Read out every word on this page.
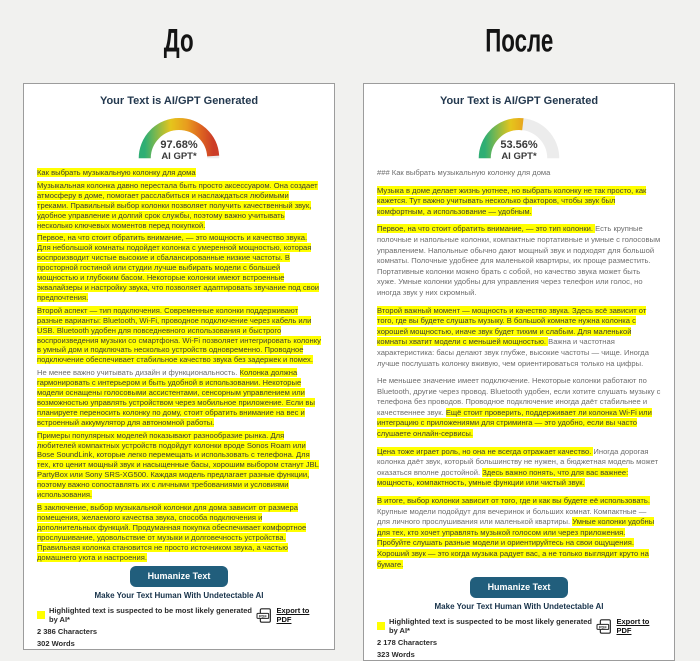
До	После
Your Text is AI/GPT Generated
97.68%
AI GPT*

Как выбрать музыкальную колонку для дома

Музыкальная колонка давно перестала быть просто аксессуаром. Она создает атмосферу в доме, помогает расслабиться и наслаждаться любимыми треками. Правильный выбор колонки позволяет получить качественный звук, удобное управление и долгий срок службы, поэтому важно учитывать несколько ключевых моментов перед покупкой.

Первое, на что стоит обратить внимание, — это мощность и качество звука. Для небольшой комнаты подойдет колонка с умеренной мощностью, которая воспроизводит чистые высокие и сбалансированные низкие частоты. В просторной гостиной или студии лучше выбирать модели с большей мощностью и глубоким басом. Некоторые колонки имеют встроенные эквалайзеры и настройку звука, что позволяет адаптировать звучание под свои предпочтения.

Второй аспект — тип подключения. Современные колонки поддерживают разные варианты: Bluetooth, Wi-Fi, проводное подключение через кабель или USB. Bluetooth удобен для повседневного использования и быстрого воспроизведения музыки со смартфона. Wi-Fi позволяет интегрировать колонку в умный дом и подключать несколько устройств одновременно. Проводное подключение обеспечивает стабильное качество звука без задержек и помех.

Не менее важно учитывать дизайн и функциональность. Колонка должна гармонировать с интерьером и быть удобной в использовании. Некоторые модели оснащены голосовыми ассистентами, сенсорным управлением или возможностью управлять устройством через мобильное приложение. Если вы планируете переносить колонку по дому, стоит обратить внимание на вес и встроенный аккумулятор для автономной работы.

Примеры популярных моделей показывают разнообразие рынка. Для любителей компактных устройств подойдут колонки вроде Sonos Roam или Bose SoundLink, которые легко перемещать и использовать с телефона. Для тех, кто ценит мощный звук и насыщенные басы, хорошим выбором станут JBL PartyBox или Sony SRS-XG500. Каждая модель предлагает разные функции, поэтому важно сопоставлять их с личными требованиями и условиями использования.

В заключение, выбор музыкальной колонки для дома зависит от размера помещения, желаемого качества звука, способа подключения и дополнительных функций. Продуманная покупка обеспечивает комфортное прослушивание, удовольствие от музыки и долговечность устройства. Правильная колонка становится не просто источником звука, а частью домашнего уюта и настроения.

Humanize Text
Make Your Text Human With Undetectable AI
Highlighted text is suspected to be most likely generated by AI*	PDF
Export to PDF
2 386 Characters
302 Words
Your Text is AI/GPT Generated
53.56%
AI GPT*

### Как выбрать музыкальную колонку для дома

Музыка в доме делает жизнь уютнее, но выбрать колонку не так просто, как кажется. Тут важно учитывать несколько факторов, чтобы звук был комфортным, а использование — удобным.

Первое, на что стоит обратить внимание, — это тип колонки. Есть крупные полочные и напольные колонки, компактные портативные и умные с голосовым управлением. Напольные обычно дают мощный звук и подходят для большой комнаты. Полочные удобнее для маленькой квартиры, их проще разместить. Портативные колонки можно брать с собой, но качество звука может быть хуже. Умные колонки удобны для управления через телефон или голос, но иногда звук у них скромный.

Второй важный момент — мощность и качество звука. Здесь всё зависит от того, где вы будете слушать музыку. В большой комнате нужна колонка с хорошей мощностью, иначе звук будет тихим и слабым. Для маленькой комнаты хватит модели с меньшей мощностью. Важна и частотная характеристика: басы делают звук глубже, высокие частоты — чище. Иногда лучше послушать колонку вживую, чем ориентироваться только на цифры.

Не меньшее значение имеет подключение. Некоторые колонки работают по Bluetooth, другие через провод. Bluetooth удобен, если хотите слушать музыку с телефона без проводов. Проводное подключение иногда даёт стабильнее и качественнее звук. Ещё стоит проверить, поддерживает ли колонка Wi-Fi или интеграцию с приложениями для стриминга — это удобно, если вы часто слушаете онлайн-сервисы.

Цена тоже играет роль, но она не всегда отражает качество. Иногда дорогая колонка даёт звук, который большинству не нужен, а бюджетная модель может оказаться вполне достойной. Здесь важно понять, что для вас важнее: мощность, компактность, умные функции или чистый звук.

В итоге, выбор колонки зависит от того, где и как вы будете её использовать. Крупные модели подойдут для вечеринок и больших комнат. Компактные — для личного прослушивания или маленькой квартиры. Умные колонки удобны для тех, кто хочет управлять музыкой голосом или через приложения. Пробуйте слушать разные модели и ориентируйтесь на свои ощущения. Хороший звук — это когда музыка радует вас, а не только выглядит круто на бумаге.

Humanize Text
Make Your Text Human With Undetectable AI
Highlighted text is suspected to be most likely generated by AI*	PDF
Export to PDF
2 178 Characters
323 Words
